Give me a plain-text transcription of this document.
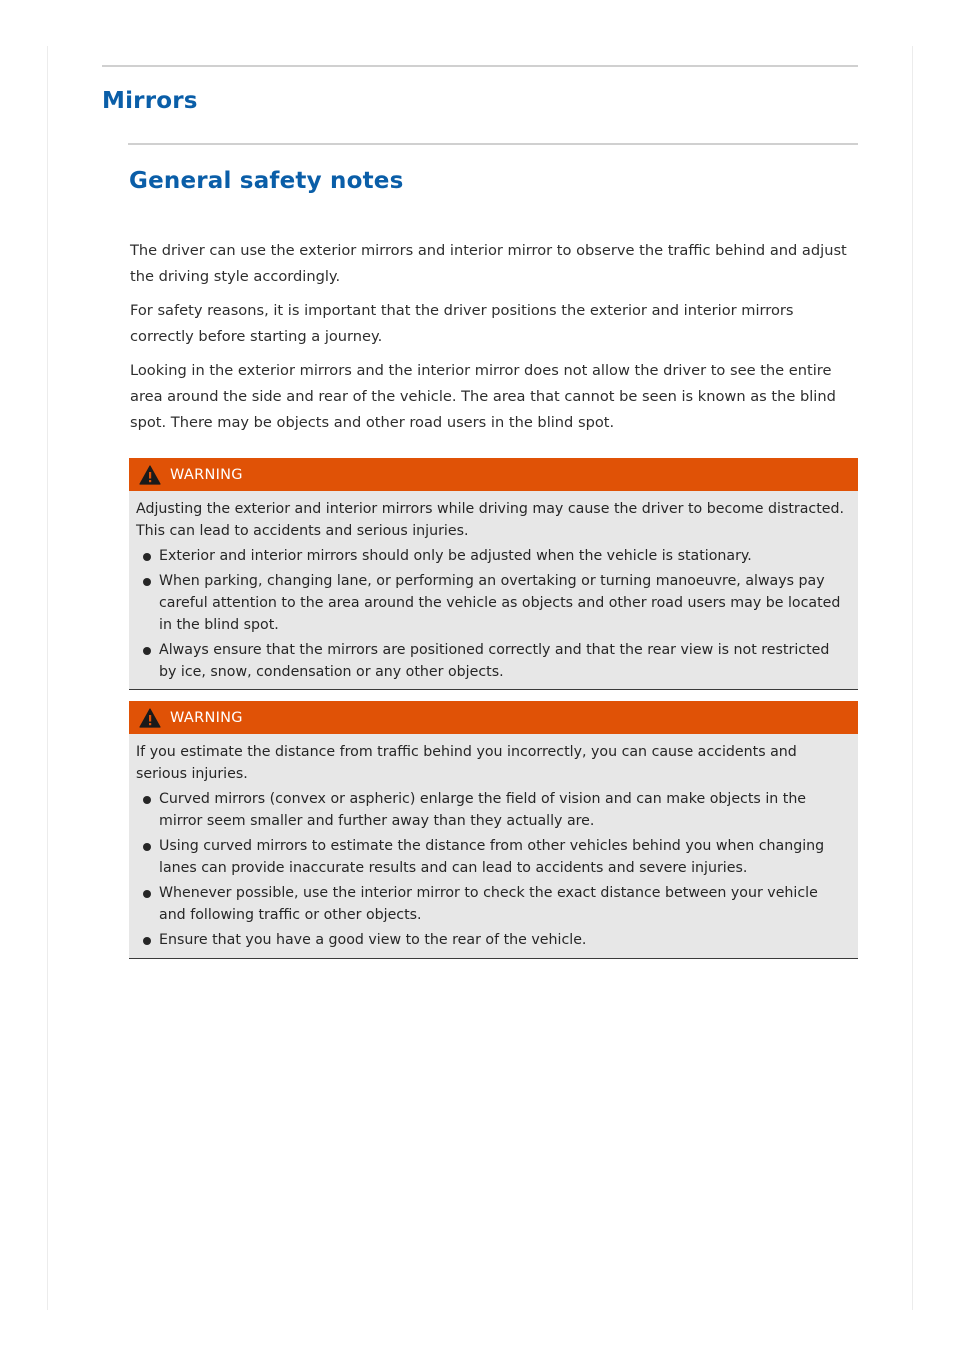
Mirrors
General safety notes

The driver can use the exterior mirrors and interior mirror to observe the traffic behind and adjust the driving style accordingly.

For safety reasons, it is important that the driver positions the exterior and interior mirrors correctly before starting a journey.

Looking in the exterior mirrors and the interior mirror does not allow the driver to see the entire area around the side and rear of the vehicle. The area that cannot be seen is known as the blind spot. There may be objects and other road users in the blind spot.

WARNING

Adjusting the exterior and interior mirrors while driving may cause the driver to become distracted. This can lead to accidents and serious injuries.

Exterior and interior mirrors should only be adjusted when the vehicle is stationary.
When parking, changing lane, or performing an overtaking or turning manoeuvre, always pay careful attention to the area around the vehicle as objects and other road users may be located in the blind spot.
Always ensure that the mirrors are positioned correctly and that the rear view is not restricted by ice, snow, condensation or any other objects.
WARNING

If you estimate the distance from traffic behind you incorrectly, you can cause accidents and serious injuries.

Curved mirrors (convex or aspheric) enlarge the field of vision and can make objects in the mirror seem smaller and further away than they actually are.
Using curved mirrors to estimate the distance from other vehicles behind you when changing lanes can provide inaccurate results and can lead to accidents and severe injuries.
Whenever possible, use the interior mirror to check the exact distance between your vehicle and following traffic or other objects.
Ensure that you have a good view to the rear of the vehicle.
